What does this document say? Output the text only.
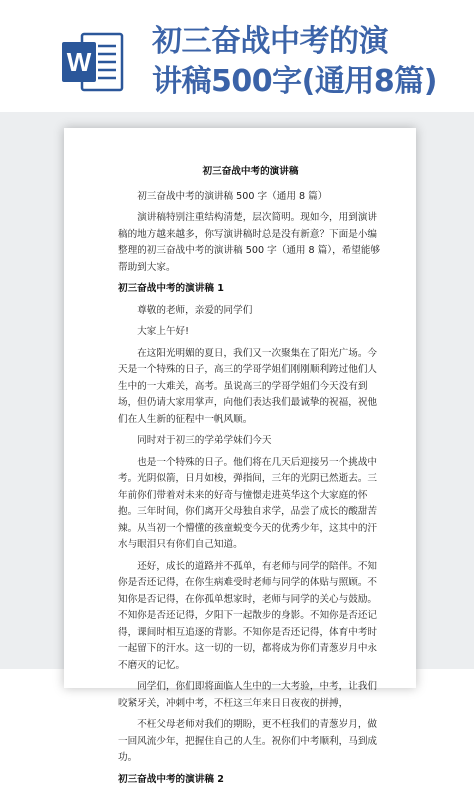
W
初三奋战中考的演
讲稿500字(通用8篇)

初三奋战中考的演讲稿

初三奋战中考的演讲稿 500 字（通用 8 篇）

演讲稿特别注重结构清楚，层次简明。现如今，用到演讲稿的地方越来越多，你写演讲稿时总是没有新意？下面是小编整理的初三奋战中考的演讲稿 500 字（通用 8 篇），希望能够帮助到大家。

初三奋战中考的演讲稿 1

尊敬的老师，亲爱的同学们

大家上午好!

在这阳光明媚的夏日，我们又一次聚集在了阳光广场。今天是一个特殊的日子，高三的学哥学姐们刚刚顺利跨过他们人生中的一大难关，高考。虽说高三的学哥学姐们今天没有到场，但仍请大家用掌声，向他们表达我们最诚挚的祝福，祝他们在人生新的征程中一帆风顺。

同时对于初三的学弟学妹们今天

也是一个特殊的日子。他们将在几天后迎接另一个挑战中考。光阴似箭，日月如梭，弹指间，三年的光阴已然逝去。三年前你们带着对未来的好奇与憧憬走进英华这个大家庭的怀抱。三年时间，你们离开父母独自求学，品尝了成长的酸甜苦辣。从当初一个懵懂的孩童蜕变今天的优秀少年，这其中的汗水与眼泪只有你们自己知道。

还好，成长的道路并不孤单，有老师与同学的陪伴。不知你是否还记得，在你生病难受时老师与同学的体贴与照顾。不知你是否记得，在你孤单想家时，老师与同学的关心与鼓励。不知你是否还记得，夕阳下一起散步的身影。不知你是否还记得，课间时相互追逐的背影。不知你是否还记得，体育中考时一起留下的汗水。这一切的一切，都将成为你们青葱岁月中永不磨灭的记忆。

同学们，你们即将面临人生中的一大考验，中考，让我们咬紧牙关，冲刺中考，不枉这三年来日日夜夜的拼搏，

不枉父母老师对我们的期盼，更不枉我们的青葱岁月，做一回风流少年，把握住自己的人生。祝你们中考顺利，马到成功。

初三奋战中考的演讲稿 2
